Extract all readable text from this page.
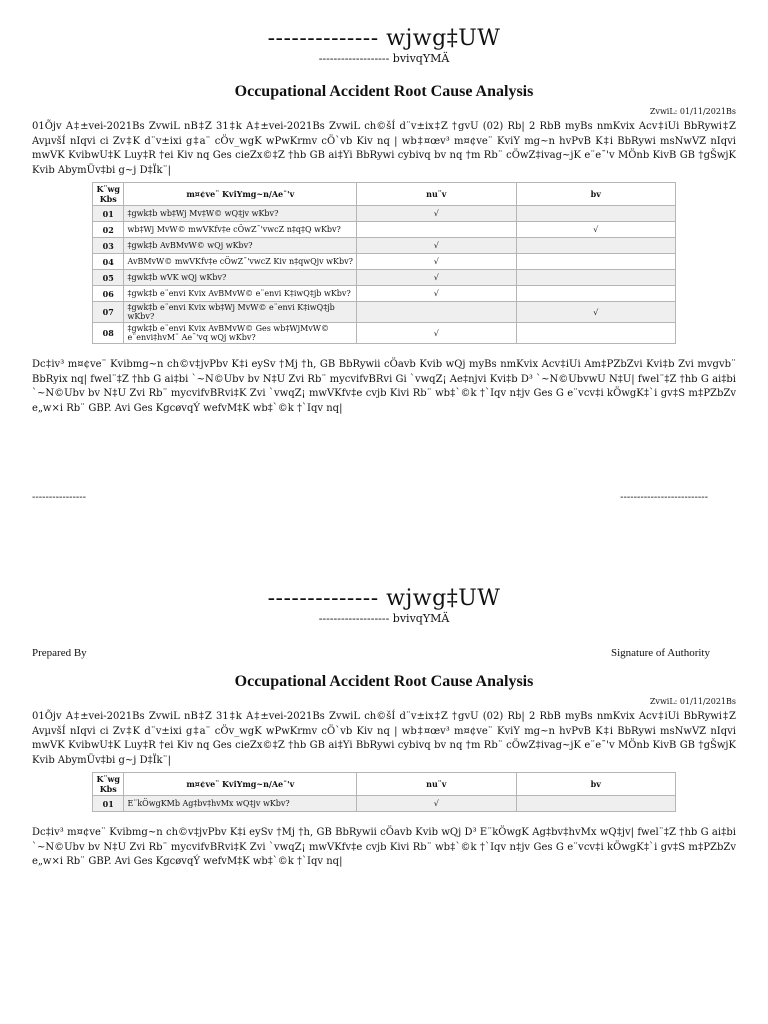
-------------- wjwg‡UW
------------------- bvivqYMÄ
Occupational Accident Root Cause Analysis
ZvwiL: 01/11/2021Bs
01Õjv A‡±vei-2021Bs ZvwiL nB‡Z 31‡k A‡±vei-2021Bs ZvwiL ch©šÍ d¨v±ix‡Z †gvU (02) Rb| 2 RbB myBs nmKvix Acv‡iUi BbRywi‡Z AvµvšÍ nIqvi ci Zv‡K d¨v±ixi g‡a¨ cÖv_wgK wPwKrmv cÖ`vb Kiv nq | wb‡¤œv³ m¤¢ve¨ KviY mg~n hvPvB K‡i BbRywi msNwVZ nIqvi mwVK KvibwU‡K Luy‡R †ei Kiv nq Ges cieZx©‡Z †hb GB ai‡Yi BbRywi cybivq bv nq †m Rb¨ cÖwZ‡ivag~jK e¨e¯'v MÖnb KivB GB †gŠwjK Kvib AbymÜv‡bi g~j D‡Ïk¨|
K¨wg Kbs	m¤¢ve¨ KviYmg~n/Ae¯'v	nu¨v	bv
01	‡gwk‡b wb‡Wj Mv‡W© wQ‡jv wKbv?	√	
02	wb‡Wj MvW© mwVKfv‡e cÖwZ¯'vwcZ n‡q‡Q wKbv?		√
03	‡gwk‡b AvBMvW© wQj wKbv?	√	
04	AvBMvW© mwVKfv‡e cÖwZ¯'vwcZ Kiv n‡qwQjv wKbv?	√	
05	‡gwk‡b wVK wQj wKbv?	√	
06	‡gwk‡b e¨envi Kvix AvBMvW© e¨envi K‡iwQ‡jb wKbv?	√	
07	‡gwk‡b e¨envi Kvix wb‡Wj MvW© e¨envi K‡iwQ‡jb wKbv?		√
08	‡gwk‡b e¨envi Kvix AvBMvW© Ges wb‡WjMvW© e¨envi‡hvM¨ Ae¯'vq wQj wKbv?	√	
Dc‡iv³ m¤¢ve¨ Kvibmg~n ch©v‡jvPbv K‡i eySv †Mj †h, GB BbRywii cÖavb Kvib wQj myBs nmKvix Acv‡iUi Am‡PZbZvi Kvi‡b Zvi mvgvb¨ BbRyix nq| fwel¨‡Z †hb G ai‡bi `~N©Ubv bv N‡U Zvi Rb¨ mycvifvBRvi Gi `vwqZ¡ Ae‡njvi Kvi‡b D³ `~N©UbvwU N‡U| fwel¨‡Z †hb G ai‡bi `~N©Ubv bv N‡U Zvi Rb¨ mycvifvBRvi‡K Zvi `vwqZ¡ mwVKfv‡e cvjb Kivi Rb¨ wb‡`©k †`Iqv n‡jv Ges G e¨vcv‡i kÖwgK‡`i gv‡S m‡PZbZv e„w×i Rb¨ GBP. Avi Ges KgcøvqÝ wefvM‡K wb‡`©k †`Iqv nq|
----------------	--------------------------
-------------- wjwg‡UW
------------------- bvivqYMÄ
Prepared By	Signature of Authority
Occupational Accident Root Cause Analysis
ZvwiL: 01/11/2021Bs
01Õjv A‡±vei-2021Bs ZvwiL nB‡Z 31‡k A‡±vei-2021Bs ZvwiL ch©šÍ d¨v±ix‡Z †gvU (02) Rb| 2 RbB myBs nmKvix Acv‡iUi BbRywi‡Z AvµvšÍ nIqvi ci Zv‡K d¨v±ixi g‡a¨ cÖv_wgK wPwKrmv cÖ`vb Kiv nq | wb‡¤œv³ m¤¢ve¨ KviY mg~n hvPvB K‡i BbRywi msNwVZ nIqvi mwVK KvibwU‡K Luy‡R †ei Kiv nq Ges cieZx©‡Z †hb GB ai‡Yi BbRywi cybivq bv nq †m Rb¨ cÖwZ‡ivag~jK e¨e¯'v MÖnb KivB GB †gŠwjK Kvib AbymÜv‡bi g~j D‡Ïk¨|
K¨wg Kbs	m¤¢ve¨ KviYmg~n/Ae¯'v	nu¨v	bv
01	E¨kÖwgKMb Ag‡bv‡hvMx wQ‡jv wKbv?	√	
Dc‡iv³ m¤¢ve¨ Kvibmg~n ch©v‡jvPbv K‡i eySv †Mj †h, GB BbRywii cÖavb Kvib wQj D³ E¨kÖwgK Ag‡bv‡hvMx wQ‡jv| fwel¨‡Z †hb G ai‡bi `~N©Ubv bv N‡U Zvi Rb¨ mycvifvBRvi‡K Zvi `vwqZ¡ mwVKfv‡e cvjb Kivi Rb¨ wb‡`©k †`Iqv n‡jv Ges G e¨vcv‡i kÖwgK‡`i gv‡S m‡PZbZv e„w×i Rb¨ GBP. Avi Ges KgcøvqÝ wefvM‡K wb‡`©k †`Iqv nq|
